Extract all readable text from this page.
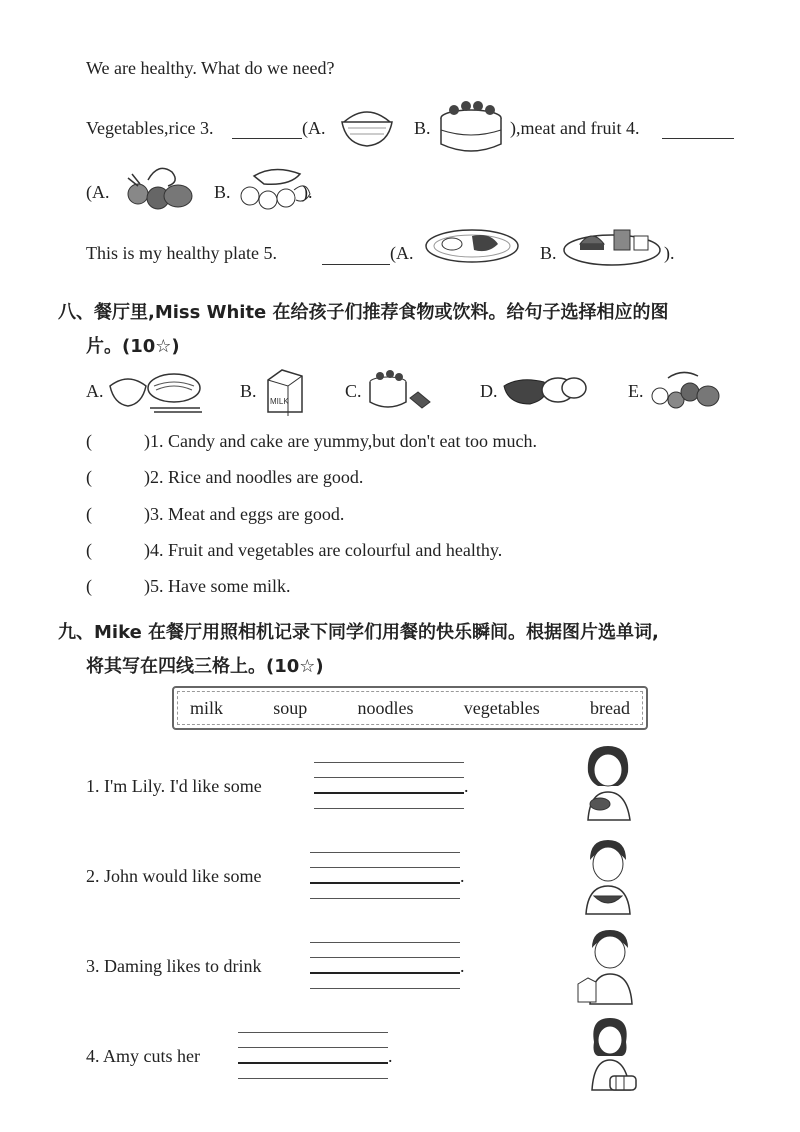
We are healthy. What do we need?
Vegetables,rice 3.	(A.	B.	),meat and fruit 4.
(A.	B.	).
This is my healthy plate 5.	(A.	B.	).
八、餐厅里,Miss White 在给孩子们推荐食物或饮料。给句子选择相应的图
片。(10☆)
A.	B.
MILK
C.	D.	E.
(	)1. Candy and cake are yummy,but don't eat too much.
(	)2. Rice and noodles are good.
(	)3. Meat and eggs are good.
(	)4. Fruit and vegetables are colourful and healthy.
(	)5. Have some milk.
九、Mike 在餐厅用照相机记录下同学们用餐的快乐瞬间。根据图片选单词,
将其写在四线三格上。(10☆)
milk	soup	noodles	vegetables	bread
1. I'm Lily. I'd like some	.
2. John would like some	.
3. Daming likes to drink	.
4. Amy cuts her	.
